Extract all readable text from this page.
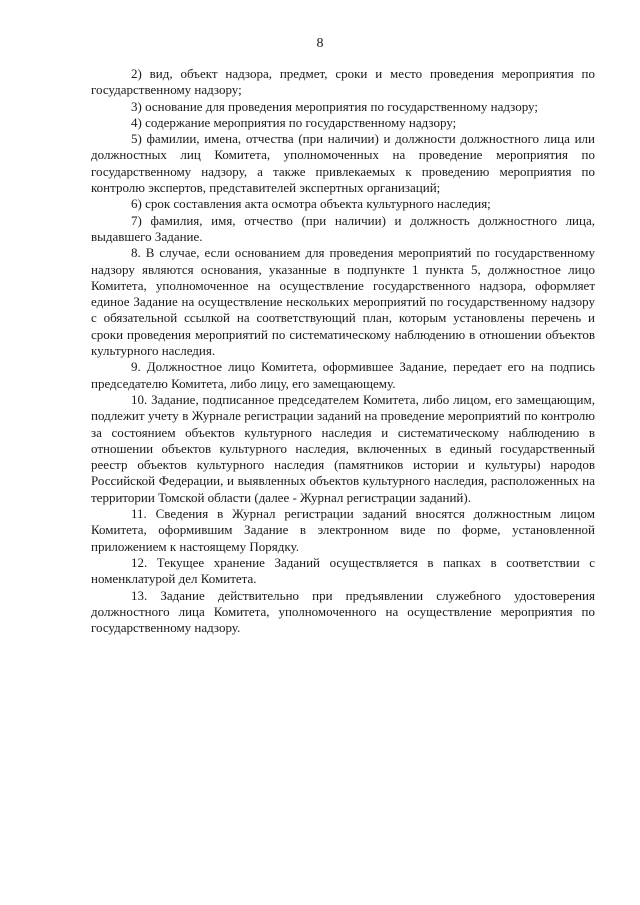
8

2) вид, объект надзора, предмет, сроки и место проведения мероприятия по государственному надзору;

3) основание для проведения мероприятия по государственному надзору;

4) содержание мероприятия по государственному надзору;

5) фамилии, имена, отчества (при наличии) и должности должностного лица или должностных лиц Комитета, уполномоченных на проведение мероприятия по государственному надзору, а также привлекаемых к проведению мероприятия по контролю экспертов, представителей экспертных организаций;

6) срок составления акта осмотра объекта культурного наследия;

7) фамилия, имя, отчество (при наличии) и должность должностного лица, выдавшего Задание.

8. В случае, если основанием для проведения мероприятий по государственному надзору являются основания, указанные в подпункте 1 пункта 5, должностное лицо Комитета, уполномоченное на осуществление государственного надзора, оформляет единое Задание на осуществление нескольких мероприятий по государственному надзору с обязательной ссылкой на соответствующий план, которым установлены перечень и сроки проведения мероприятий по систематическому наблюдению в отношении объектов культурного наследия.

9. Должностное лицо Комитета, оформившее Задание, передает его на подпись председателю Комитета, либо лицу, его замещающему.

10. Задание, подписанное председателем Комитета, либо лицом, его замещающим, подлежит учету в Журнале регистрации заданий на проведение мероприятий по контролю за состоянием объектов культурного наследия и систематическому наблюдению в отношении объектов культурного наследия, включенных в единый государственный реестр объектов культурного наследия (памятников истории и культуры) народов Российской Федерации, и выявленных объектов культурного наследия, расположенных на территории Томской области (далее - Журнал регистрации заданий).

11. Сведения в Журнал регистрации заданий вносятся должностным лицом Комитета, оформившим Задание в электронном виде по форме, установленной приложением к настоящему Порядку.

12. Текущее хранение Заданий осуществляется в папках в соответствии с номенклатурой дел Комитета.

13. Задание действительно при предъявлении служебного удостоверения должностного лица Комитета, уполномоченного на осуществление мероприятия по государственному надзору.
